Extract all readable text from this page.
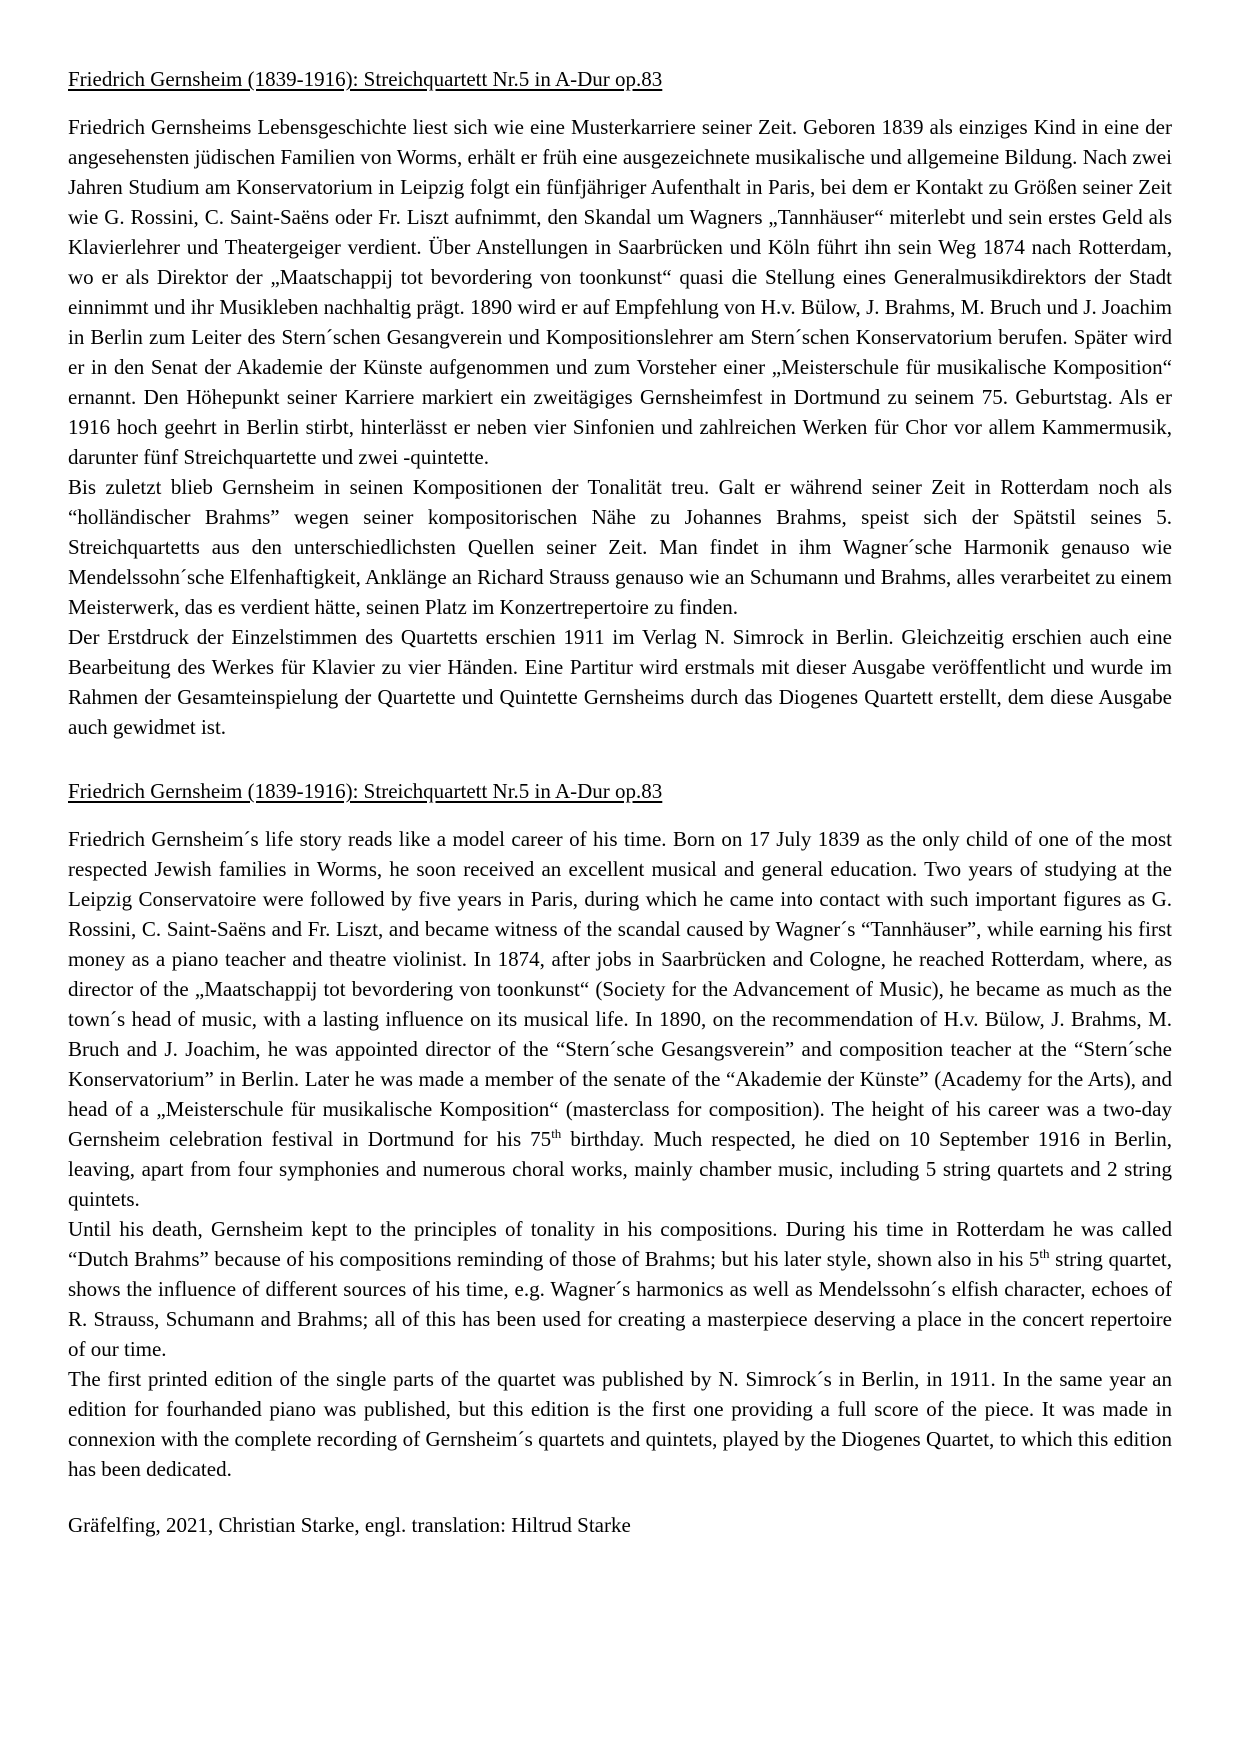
Friedrich Gernsheim (1839-1916): Streichquartett Nr.5 in A-Dur op.83

Friedrich Gernsheims Lebensgeschichte liest sich wie eine Musterkarriere seiner Zeit. Geboren 1839 als einziges Kind in eine der angesehensten jüdischen Familien von Worms, erhält er früh eine ausgezeichnete musikalische und allgemeine Bildung. Nach zwei Jahren Studium am Konservatorium in Leipzig folgt ein fünfjähriger Aufenthalt in Paris, bei dem er Kontakt zu Größen seiner Zeit wie G. Rossini, C. Saint-Saëns oder Fr. Liszt aufnimmt, den Skandal um Wagners „Tannhäuser“ miterlebt und sein erstes Geld als Klavierlehrer und Theatergeiger verdient. Über Anstellungen in Saarbrücken und Köln führt ihn sein Weg 1874 nach Rotterdam, wo er als Direktor der „Maatschappij tot bevordering von toonkunst“ quasi die Stellung eines Generalmusikdirektors der Stadt einnimmt und ihr Musikleben nachhaltig prägt. 1890 wird er auf Empfehlung von H.v. Bülow, J. Brahms, M. Bruch und J. Joachim in Berlin zum Leiter des Stern´schen Gesangverein und Kompositionslehrer am Stern´schen Konservatorium berufen. Später wird er in den Senat der Akademie der Künste aufgenommen und zum Vorsteher einer „Meisterschule für musikalische Komposition“ ernannt. Den Höhepunkt seiner Karriere markiert ein zweitägiges Gernsheimfest in Dortmund zu seinem 75. Geburtstag. Als er 1916 hoch geehrt in Berlin stirbt, hinterlässt er neben vier Sinfonien und zahlreichen Werken für Chor vor allem Kammermusik, darunter fünf Streichquartette und zwei -quintette.

Bis zuletzt blieb Gernsheim in seinen Kompositionen der Tonalität treu. Galt er während seiner Zeit in Rotterdam noch als “holländischer Brahms” wegen seiner kompositorischen Nähe zu Johannes Brahms, speist sich der Spätstil seines 5. Streichquartetts aus den unterschiedlichsten Quellen seiner Zeit. Man findet in ihm Wagner´sche Harmonik genauso wie Mendelssohn´sche Elfenhaftigkeit, Anklänge an Richard Strauss genauso wie an Schumann und Brahms, alles verarbeitet zu einem Meisterwerk, das es verdient hätte, seinen Platz im Konzertrepertoire zu finden.

Der Erstdruck der Einzelstimmen des Quartetts erschien 1911 im Verlag N. Simrock in Berlin. Gleichzeitig erschien auch eine Bearbeitung des Werkes für Klavier zu vier Händen. Eine Partitur wird erstmals mit dieser Ausgabe veröffentlicht und wurde im Rahmen der Gesamteinspielung der Quartette und Quintette Gernsheims durch das Diogenes Quartett erstellt, dem diese Ausgabe auch gewidmet ist.

Friedrich Gernsheim (1839-1916): Streichquartett Nr.5 in A-Dur op.83

Friedrich Gernsheim´s life story reads like a model career of his time. Born on 17 July 1839 as the only child of one of the most respected Jewish families in Worms, he soon received an excellent musical and general education. Two years of studying at the Leipzig Conservatoire were followed by five years in Paris, during which he came into contact with such important figures as G. Rossini, C. Saint-Saëns and Fr. Liszt, and became witness of the scandal caused by Wagner´s “Tannhäuser”, while earning his first money as a piano teacher and theatre violinist. In 1874, after jobs in Saarbrücken and Cologne, he reached Rotterdam, where, as director of the „Maatschappij tot bevordering von toonkunst“ (Society for the Advancement of Music), he became as much as the town´s head of music, with a lasting influence on its musical life. In 1890, on the recommendation of H.v. Bülow, J. Brahms, M. Bruch and J. Joachim, he was appointed director of the “Stern´sche Gesangsverein” and composition teacher at the “Stern´sche Konservatorium” in Berlin. Later he was made a member of the senate of the “Akademie der Künste” (Academy for the Arts), and head of a „Meisterschule für musikalische Komposition“ (masterclass for composition). The height of his career was a two-day Gernsheim celebration festival in Dortmund for his 75th birthday. Much respected, he died on 10 September 1916 in Berlin, leaving, apart from four symphonies and numerous choral works, mainly chamber music, including 5 string quartets and 2 string quintets.

Until his death, Gernsheim kept to the principles of tonality in his compositions. During his time in Rotterdam he was called “Dutch Brahms” because of his compositions reminding of those of Brahms; but his later style, shown also in his 5th string quartet, shows the influence of different sources of his time, e.g. Wagner´s harmonics as well as Mendelssohn´s elfish character, echoes of R. Strauss, Schumann and Brahms; all of this has been used for creating a masterpiece deserving a place in the concert repertoire of our time.

The first printed edition of the single parts of the quartet was published by N. Simrock´s in Berlin, in 1911. In the same year an edition for fourhanded piano was published, but this edition is the first one providing a full score of the piece. It was made in connexion with the complete recording of Gernsheim´s quartets and quintets, played by the Diogenes Quartet, to which this edition has been dedicated.

Gräfelfing, 2021, Christian Starke, engl. translation: Hiltrud Starke
